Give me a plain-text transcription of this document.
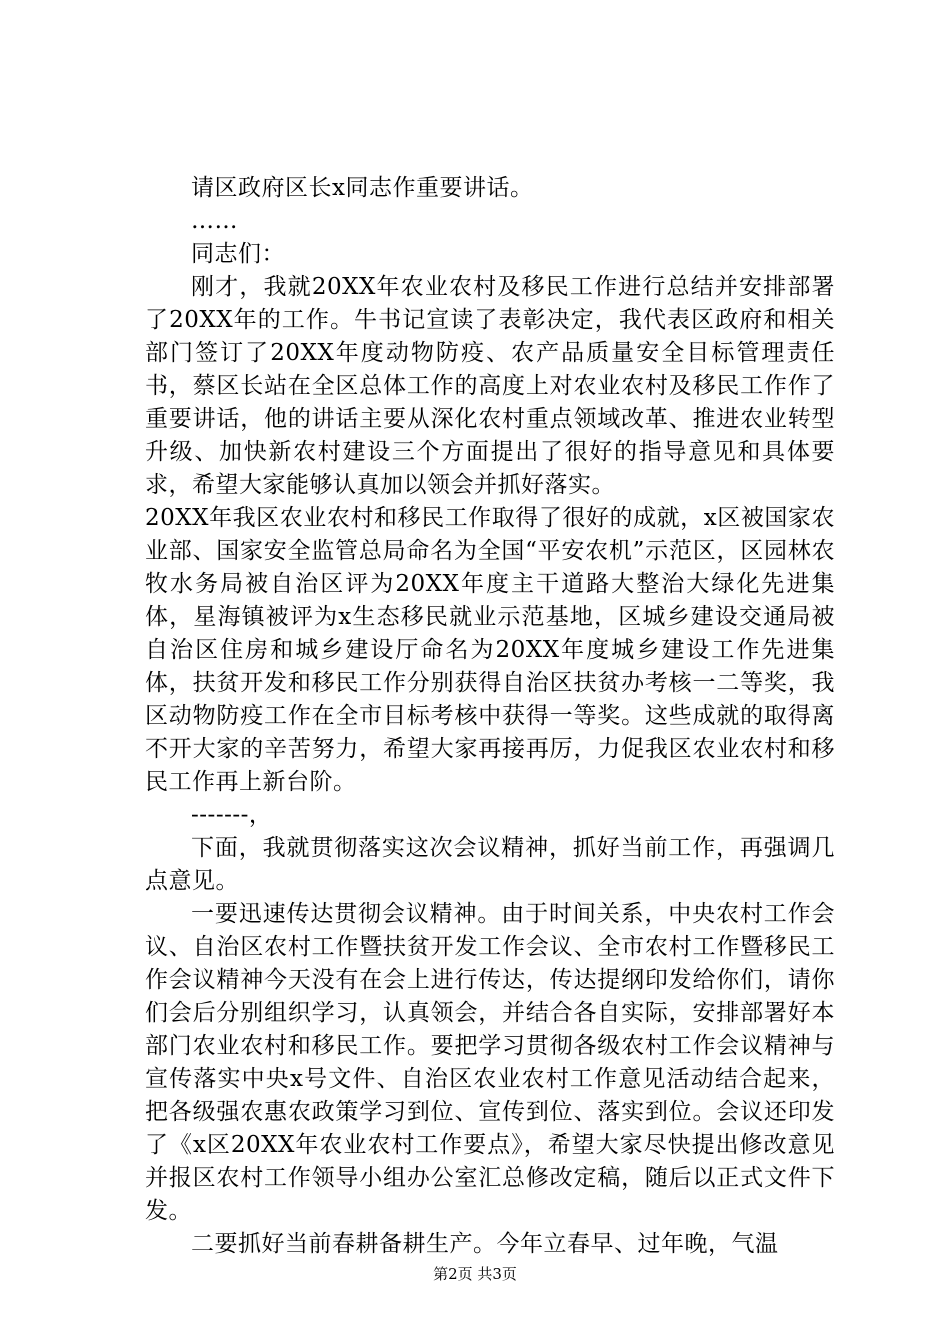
请区政府区长x同志作重要讲话。

……

同志们：

刚才，我就20XX年农业农村及移民工作进行总结并安排部署了20XX年的工作。牛书记宣读了表彰决定，我代表区政府和相关部门签订了20XX年度动物防疫、农产品质量安全目标管理责任书，蔡区长站在全区总体工作的高度上对农业农村及移民工作作了重要讲话，他的讲话主要从深化农村重点领域改革、推进农业转型升级、加快新农村建设三个方面提出了很好的指导意见和具体要求，希望大家能够认真加以领会并抓好落实。

20XX年我区农业农村和移民工作取得了很好的成就，x区被国家农业部、国家安全监管总局命名为全国“平安农机”示范区，区园林农牧水务局被自治区评为20XX年度主干道路大整治大绿化先进集体，星海镇被评为x生态移民就业示范基地，区城乡建设交通局被自治区住房和城乡建设厅命名为20XX年度城乡建设工作先进集体，扶贫开发和移民工作分别获得自治区扶贫办考核一二等奖，我区动物防疫工作在全市目标考核中获得一等奖。这些成就的取得离不开大家的辛苦努力，希望大家再接再厉，力促我区农业农村和移民工作再上新台阶。

-------，

下面，我就贯彻落实这次会议精神，抓好当前工作，再强调几点意见。

一要迅速传达贯彻会议精神。由于时间关系，中央农村工作会议、自治区农村工作暨扶贫开发工作会议、全市农村工作暨移民工作会议精神今天没有在会上进行传达，传达提纲印发给你们，请你们会后分别组织学习，认真领会，并结合各自实际，安排部署好本部门农业农村和移民工作。要把学习贯彻各级农村工作会议精神与宣传落实中央x号文件、自治区农业农村工作意见活动结合起来，把各级强农惠农政策学习到位、宣传到位、落实到位。会议还印发了《x区20XX年农业农村工作要点》，希望大家尽快提出修改意见并报区农村工作领导小组办公室汇总修改定稿，随后以正式文件下发。

二要抓好当前春耕备耕生产。今年立春早、过年晚，气温

第2页 共3页
